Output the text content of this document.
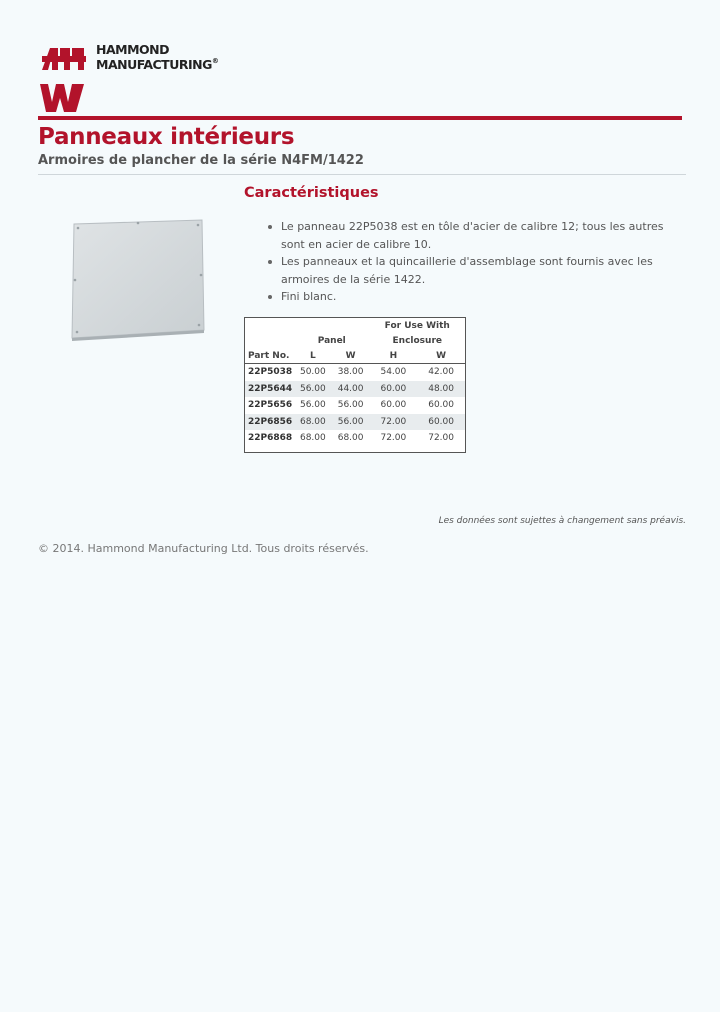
HAMMOND
MANUFACTURING®
Panneaux intérieurs
Armoires de plancher de la série N4FM/1422
Caractéristiques
Le panneau 22P5038 est en tôle d'acier de calibre 12; tous les autres sont en acier de calibre 10.
Les panneaux et la quincaillerie d'assemblage sont fournis avec les armoires de la série 1422.
Fini blanc.
			For Use With	
	Panel		Enclosure	
Part No.	L	W	H	W
22P5038	50.00	38.00	54.00	42.00
22P5644	56.00	44.00	60.00	48.00
22P5656	56.00	56.00	60.00	60.00
22P6856	68.00	56.00	72.00	60.00
22P6868	68.00	68.00	72.00	72.00

Les données sont sujettes à changement sans préavis.

© 2014. Hammond Manufacturing Ltd. Tous droits réservés.
